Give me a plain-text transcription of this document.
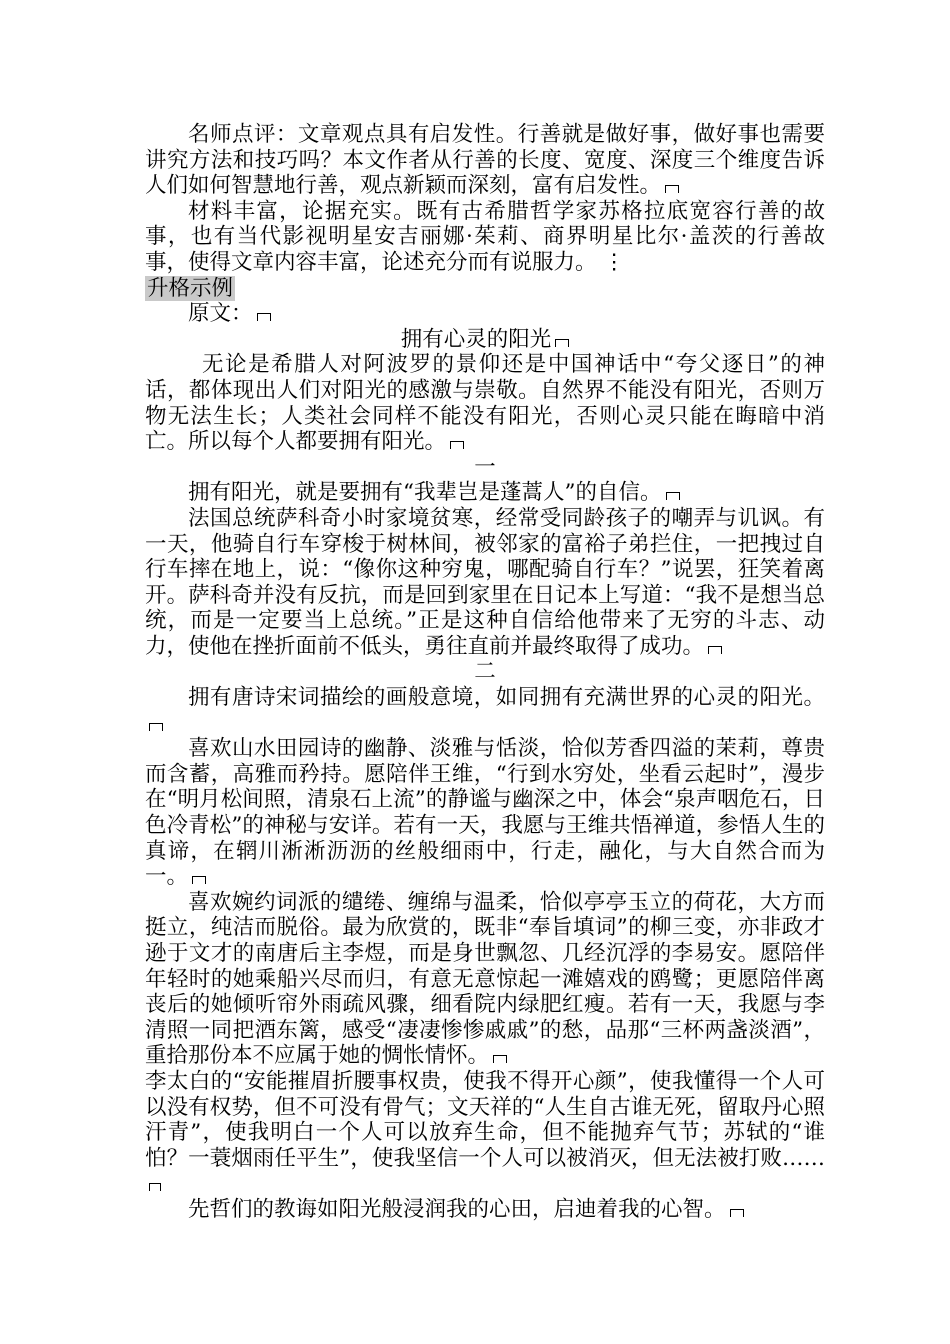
名师点评：文章观点具有启发性。行善就是做好事，做好事也需要讲究方法和技巧吗？本文作者从行善的长度、宽度、深度三个维度告诉人们如何智慧地行善，观点新颖而深刻，富有启发性。

材料丰富，论据充实。既有古希腊哲学家苏格拉底宽容行善的故事，也有当代影视明星安吉丽娜·茱莉、商界明星比尔·盖茨的行善故事，使得文章内容丰富，论述充分而有说服力。 ⋮

升格示例

原文：

拥有心灵的阳光

无论是希腊人对阿波罗的景仰还是中国神话中“夸父逐日”的神话，都体现出人们对阳光的感激与崇敬。自然界不能没有阳光，否则万物无法生长；人类社会同样不能没有阳光，否则心灵只能在晦暗中消亡。所以每个人都要拥有阳光。

一

拥有阳光，就是要拥有“我辈岂是蓬蒿人”的自信。

法国总统萨科奇小时家境贫寒，经常受同龄孩子的嘲弄与讥讽。有一天，他骑自行车穿梭于树林间，被邻家的富裕子弟拦住，一把拽过自行车摔在地上，说：“像你这种穷鬼，哪配骑自行车？”说罢，狂笑着离开。萨科奇并没有反抗，而是回到家里在日记本上写道：“我不是想当总统，而是一定要当上总统。”正是这种自信给他带来了无穷的斗志、动力，使他在挫折面前不低头，勇往直前并最终取得了成功。

二

拥有唐诗宋词描绘的画般意境，如同拥有充满世界的心灵的阳光。

喜欢山水田园诗的幽静、淡雅与恬淡，恰似芳香四溢的茉莉，尊贵而含蓄，高雅而矜持。愿陪伴王维，“行到水穷处，坐看云起时”，漫步在“明月松间照，清泉石上流”的静谧与幽深之中，体会“泉声咽危石，日色冷青松”的神秘与安详。若有一天，我愿与王维共悟禅道，参悟人生的真谛，在辋川淅淅沥沥的丝般细雨中，行走，融化，与大自然合而为一。

喜欢婉约词派的缱绻、缠绵与温柔，恰似亭亭玉立的荷花，大方而挺立，纯洁而脱俗。最为欣赏的，既非“奉旨填词”的柳三变，亦非政才逊于文才的南唐后主李煜，而是身世飘忽、几经沉浮的李易安。愿陪伴年轻时的她乘船兴尽而归，有意无意惊起一滩嬉戏的鸥鹭；更愿陪伴离丧后的她倾听帘外雨疏风骤，细看院内绿肥红瘦。若有一天，我愿与李清照一同把酒东篱，感受“凄凄惨惨戚戚”的愁，品那“三杯两盏淡酒”，重拾那份本不应属于她的惆怅情怀。

李太白的“安能摧眉折腰事权贵，使我不得开心颜”，使我懂得一个人可以没有权势，但不可没有骨气；文天祥的“人生自古谁无死，留取丹心照汗青”，使我明白一个人可以放弃生命，但不能抛弃气节；苏轼的“谁怕？一蓑烟雨任平生”，使我坚信一个人可以被消灭，但无法被打败……

先哲们的教诲如阳光般浸润我的心田，启迪着我的心智。
